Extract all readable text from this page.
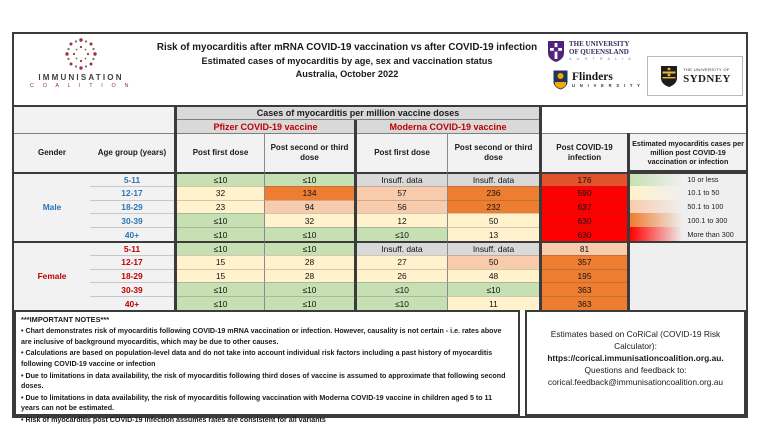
IMMUNISATION
C O A L I T I O N
Risk of myocarditis after mRNA COVID-19 vaccination vs after COVID-19 infection
Estimated cases of myocarditis by age, sex and vaccination status
Australia, October 2022
THE UNIVERSITY
OF QUEENSLAND
A U S T R A L I A
Flinders
U N I V E R S I T Y
THE UNIVERSITY OF
SYDNEY
Cases of myocarditis per million vaccine doses
Pfizer COVID-19 vaccine	Moderna COVID-19 vaccine
Gender	Age group (years)	Post first dose
Post second or third dose
Post first dose
Post second or third dose
Post COVID-19 infection
Estimated myocarditis cases per million post COVID-19 vaccination or infection
10 or less
10.1 to 50
50.1 to 100
100.1 to 300
More than 300
Male
5-11	≤10	≤10	Insuff. data	Insuff. data	176
12-17	32	134	57	236	590
18-29	23	94	56	232	637
30-39	≤10	32	12	50	630
40+	≤10	≤10	≤10	13	630
Female
5-11	≤10	≤10	Insuff. data	Insuff. data	81
12-17	15	28	27	50	357
18-29	15	28	26	48	195
30-39	≤10	≤10	≤10	≤10	363
40+	≤10	≤10	≤10	11	363
***IMPORTANT NOTES***

• Chart demonstrates risk of myocarditis following COVID-19 mRNA vaccination or infection. However, causality is not certain - i.e. rates above are inclusive of background myocarditis, which may be due to other causes.

• Calculations are based on population-level data and do not take into account individual risk factors including a past history of myocarditis following COVID-19 vaccine or infection

• Due to limitations in data availability, the risk of myocarditis following third doses of vaccine is assumed to approximate that following second doses.

• Due to limitations in data availability, the risk of myocarditis following vaccination with Moderna COVID-19 vaccine in children aged 5 to 11 years can not be estimated.

• Risk of myocarditis post COVID-19 infection assumes rates are consistent for all variants

Estimates based on CoRiCal (COVID-19 Risk Calculator):
https://corical.immunisationcoalition.org.au.
Questions and feedback to:
corical.feedback@immunisationcoalition.org.au
